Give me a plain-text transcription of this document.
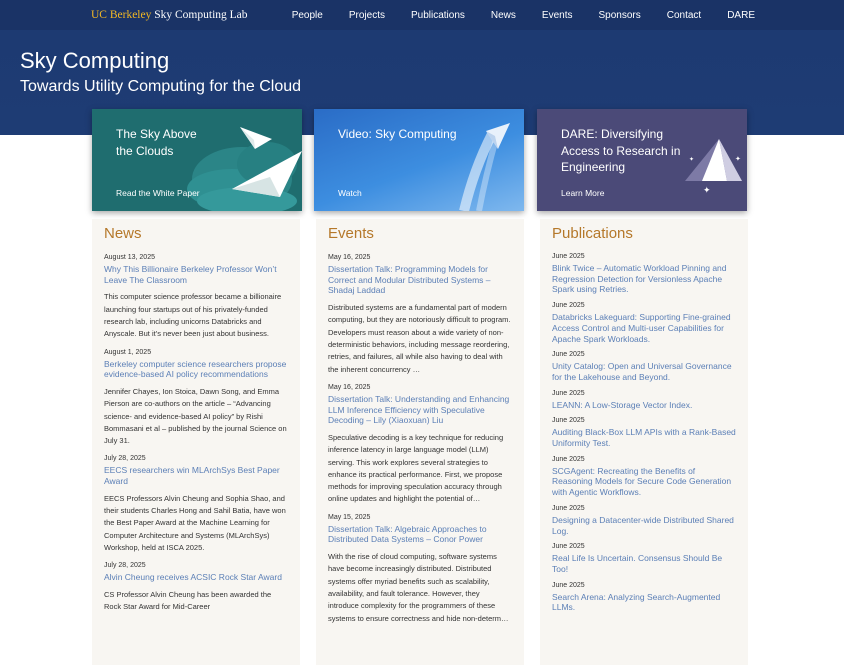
UC Berkeley Sky Computing Lab	People	Projects	Publications	News	Events	Sponsors	Contact	DARE
Sky Computing
Towards Utility Computing for the Cloud
The Sky Above the Clouds
Read the White Paper
Video: Sky Computing
Watch	✦
✦
✦
DARE: Diversifying Access to Research in Engineering
Learn More
News
August 13, 2025
Why This Billionaire Berkeley Professor Won’t Leave The Classroom
This computer science professor became a billionaire launching four startups out of his privately-funded research lab, including unicorns Databricks and Anyscale. But it’s never been just about business.
August 1, 2025
Berkeley computer science researchers propose evidence-based AI policy recommendations
Jennifer Chayes, Ion Stoica, Dawn Song, and Emma Pierson are co-authors on the article – “Advancing science- and evidence-based AI policy” by Rishi Bommasani et al – published by the journal Science on July 31.
July 28, 2025
EECS researchers win MLArchSys Best Paper Award
EECS Professors Alvin Cheung and Sophia Shao, and their students Charles Hong and Sahil Batia, have won the Best Paper Award at the Machine Learning for Computer Architecture and Systems (MLArchSys) Workshop, held at ISCA 2025.
July 28, 2025
Alvin Cheung receives ACSIC Rock Star Award
CS Professor Alvin Cheung has been awarded the Rock Star Award for Mid-Career
Events
May 16, 2025
Dissertation Talk: Programming Models for Correct and Modular Distributed Systems – Shadaj Laddad
Distributed systems are a fundamental part of modern computing, but they are notoriously difficult to program. Developers must reason about a wide variety of non-deterministic behaviors, including message reordering, retries, and failures, all while also having to deal with the inherent concurrency …
May 16, 2025
Dissertation Talk: Understanding and Enhancing LLM Inference Efficiency with Speculative Decoding – Lily (Xiaoxuan) Liu
Speculative decoding is a key technique for reducing inference latency in large language model (LLM) serving. This work explores several strategies to enhance its practical performance. First, we propose methods for improving speculation accuracy through online updates and highlight the potential of…
May 15, 2025
Dissertation Talk: Algebraic Approaches to Distributed Data Systems – Conor Power
With the rise of cloud computing, software systems have become increasingly distributed. Distributed systems offer myriad benefits such as scalability, availability, and fault tolerance. However, they introduce complexity for the programmers of these systems to ensure correctness and hide non-determ…
Publications
June 2025
Blink Twice – Automatic Workload Pinning and Regression Detection for Versionless Apache Spark using Retries.
June 2025
Databricks Lakeguard: Supporting Fine-grained Access Control and Multi-user Capabilities for Apache Spark Workloads.
June 2025
Unity Catalog: Open and Universal Governance for the Lakehouse and Beyond.
June 2025
LEANN: A Low-Storage Vector Index.
June 2025
Auditing Black-Box LLM APIs with a Rank-Based Uniformity Test.
June 2025
SCGAgent: Recreating the Benefits of Reasoning Models for Secure Code Generation with Agentic Workflows.
June 2025
Designing a Datacenter-wide Distributed Shared Log.
June 2025
Real Life Is Uncertain. Consensus Should Be Too!
June 2025
Search Arena: Analyzing Search-Augmented LLMs.
